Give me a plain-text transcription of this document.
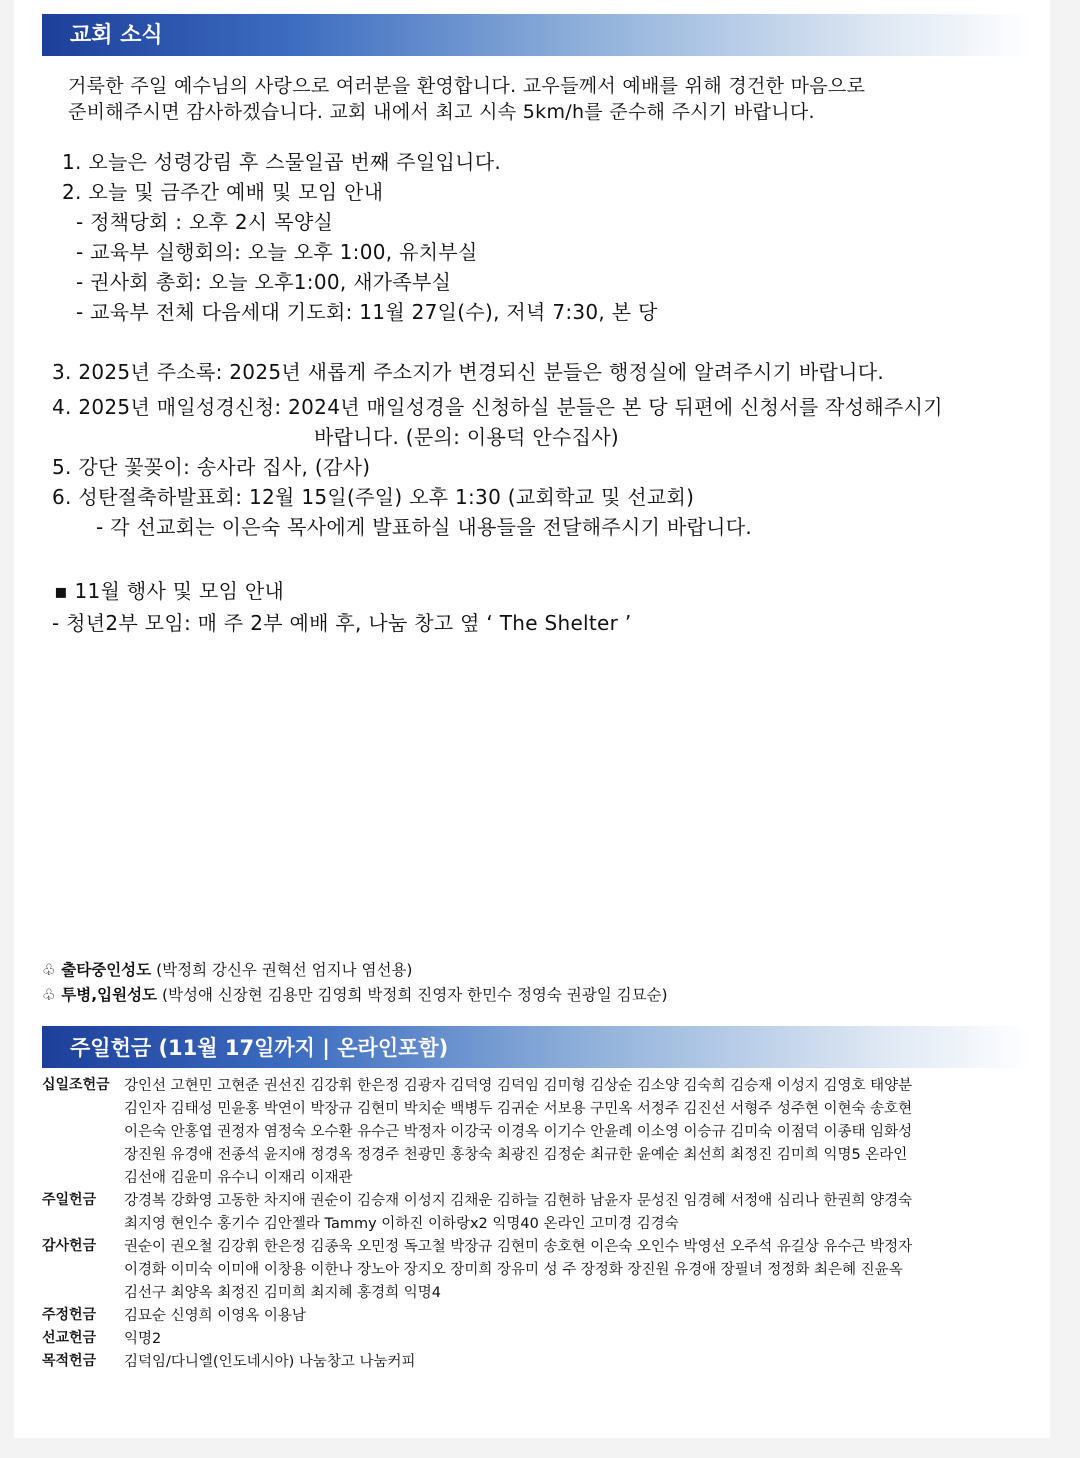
교회 소식
거룩한 주일 예수님의 사랑으로 여러분을 환영합니다. 교우들께서 예배를 위해 경건한 마음으로
준비해주시면 감사하겠습니다. 교회 내에서 최고 시속 5km/h를 준수해 주시기 바랍니다.
1. 오늘은 성령강림 후 스물일곱 번째 주일입니다.
2. 오늘 및 금주간 예배 및 모임 안내
- 정책당회 : 오후 2시 목양실
- 교육부 실행회의: 오늘 오후 1:00, 유치부실
- 권사회 총회: 오늘 오후1:00, 새가족부실
- 교육부 전체 다음세대 기도회: 11월 27일(수), 저녁 7:30, 본 당
3. 2025년 주소록: 2025년 새롭게 주소지가 변경되신 분들은 행정실에 알려주시기 바랍니다.
4. 2025년 매일성경신청: 2024년 매일성경을 신청하실 분들은 본 당 뒤편에 신청서를 작성해주시기
바랍니다. (문의: 이용덕 안수집사)
5. 강단 꽃꽂이: 송사라 집사, (감사)
6. 성탄절축하발표회: 12월 15일(주일) 오후 1:30 (교회학교 및 선교회)
- 각 선교회는 이은숙 목사에게 발표하실 내용들을 전달해주시기 바랍니다.
▪ 11월 행사 및 모임 안내
- 청년2부 모임: 매 주 2부 예배 후, 나눔 창고 옆 ‘ The Shelter ’
♧ 출타중인성도 (박정희 강신우 권혁선 엄지나 염선용)
♧ 투병,입원성도 (박성애 신장현 김용만 김영희 박정희 진영자 한민수 정영숙 권광일 김묘순)
주일헌금 (11월 17일까지 | 온라인포함)
십일조헌금 강인선 고현민 고현준 권선진 김강휘 한은정 김광자 김덕영 김덕임 김미형 김상순 김소양 김숙희 김승재 이성지 김영호 태양분
김인자 김태성 민윤홍 박연이 박장규 김현미 박치순 백병두 김귀순 서보용 구민옥 서정주 김진선 서형주 성주현 이현숙 송호현
이은숙 안홍엽 권정자 염정숙 오수환 유수근 박정자 이강국 이경옥 이기수 안윤례 이소영 이승규 김미숙 이점덕 이종태 임화성
장진원 유경애 전종석 윤지애 정경옥 정경주 천광민 홍창숙 최광진 김정순 최규한 윤예순 최선희 최정진 김미희 익명5 온라인
김선애 김윤미 유수니 이재리 이재관
주일헌금 강경복 강화영 고동한 차지애 권순이 김승재 이성지 김채운 김하늘 김현하 남윤자 문성진 임경혜 서정애 심리나 한권희 양경숙
최지영 현인수 홍기수 김안젤라 Tammy 이하진 이하랑x2 익명40 온라인 고미경 김경숙
감사헌금 권순이 권오철 김강휘 한은정 김종욱 오민정 독고철 박장규 김현미 송호현 이은숙 오인수 박영선 오주석 유길상 유수근 박정자
이경화 이미숙 이미애 이창용 이한나 장노아 장지오 장미희 장유미 성 주 장정화 장진원 유경애 장필녀 정정화 최은혜 진윤옥
김선구 최양옥 최정진 김미희 최지혜 홍경희 익명4
주정헌금 김묘순 신영희 이영옥 이용남
선교헌금 익명2
목적헌금 김덕임/다니엘(인도네시아) 나눔창고 나눔커피
